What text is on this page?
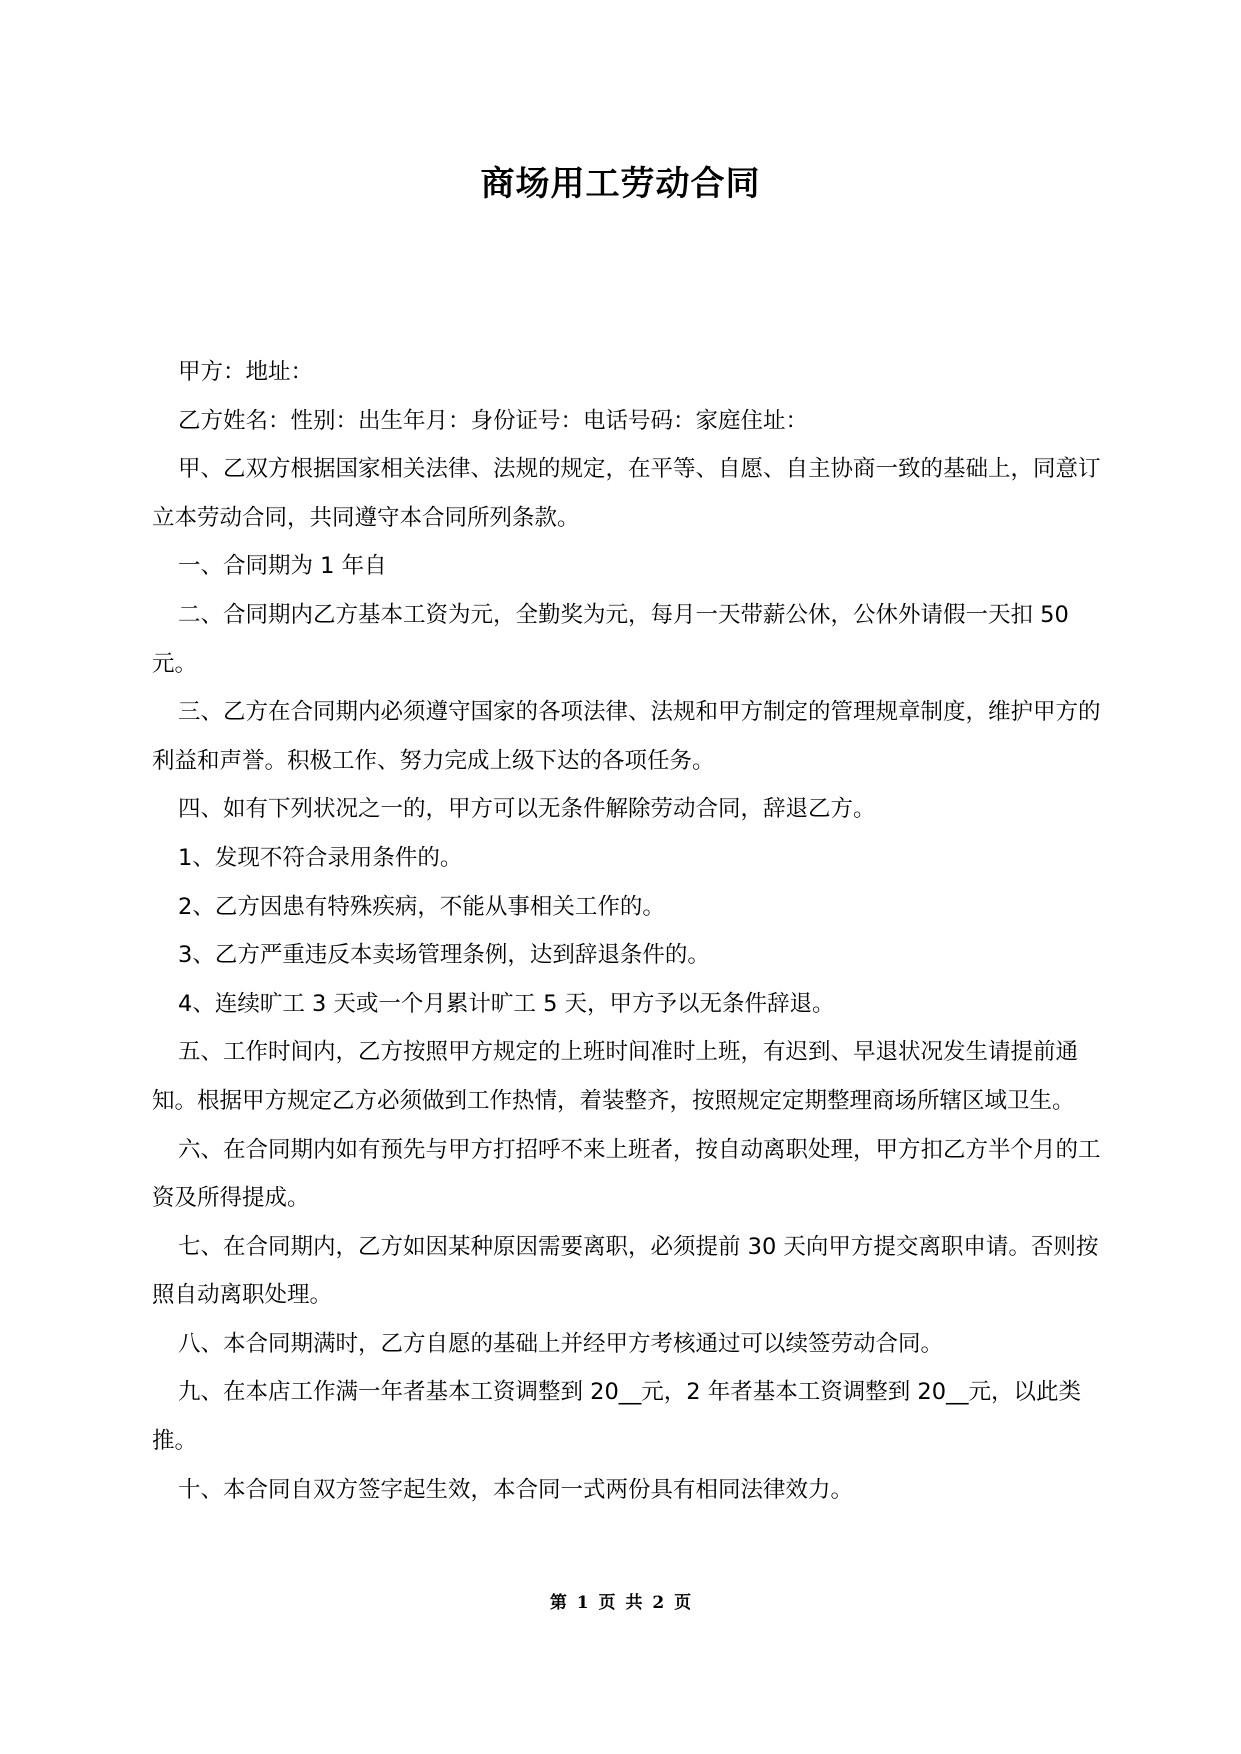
商场用工劳动合同

甲方：地址：

乙方姓名：性别：出生年月：身份证号：电话号码：家庭住址：

甲、乙双方根据国家相关法律、法规的规定，在平等、自愿、自主协商一致的基础上，同意订立本劳动合同，共同遵守本合同所列条款。

一、合同期为 1 年自

二、合同期内乙方基本工资为元，全勤奖为元，每月一天带薪公休，公休外请假一天扣 50 元。

三、乙方在合同期内必须遵守国家的各项法律、法规和甲方制定的管理规章制度，维护甲方的利益和声誉。积极工作、努力完成上级下达的各项任务。

四、如有下列状况之一的，甲方可以无条件解除劳动合同，辞退乙方。

1、发现不符合录用条件的。

2、乙方因患有特殊疾病，不能从事相关工作的。

3、乙方严重违反本卖场管理条例，达到辞退条件的。

4、连续旷工 3 天或一个月累计旷工 5 天，甲方予以无条件辞退。

五、工作时间内，乙方按照甲方规定的上班时间准时上班，有迟到、早退状况发生请提前通知。根据甲方规定乙方必须做到工作热情，着装整齐，按照规定定期整理商场所辖区域卫生。

六、在合同期内如有预先与甲方打招呼不来上班者，按自动离职处理，甲方扣乙方半个月的工资及所得提成。

七、在合同期内，乙方如因某种原因需要离职，必须提前 30 天向甲方提交离职申请。否则按照自动离职处理。

八、本合同期满时，乙方自愿的基础上并经甲方考核通过可以续签劳动合同。

九、在本店工作满一年者基本工资调整到 20__元，2 年者基本工资调整到 20__元，以此类推。

十、本合同自双方签字起生效，本合同一式两份具有相同法律效力。

第 1 页 共 2 页
